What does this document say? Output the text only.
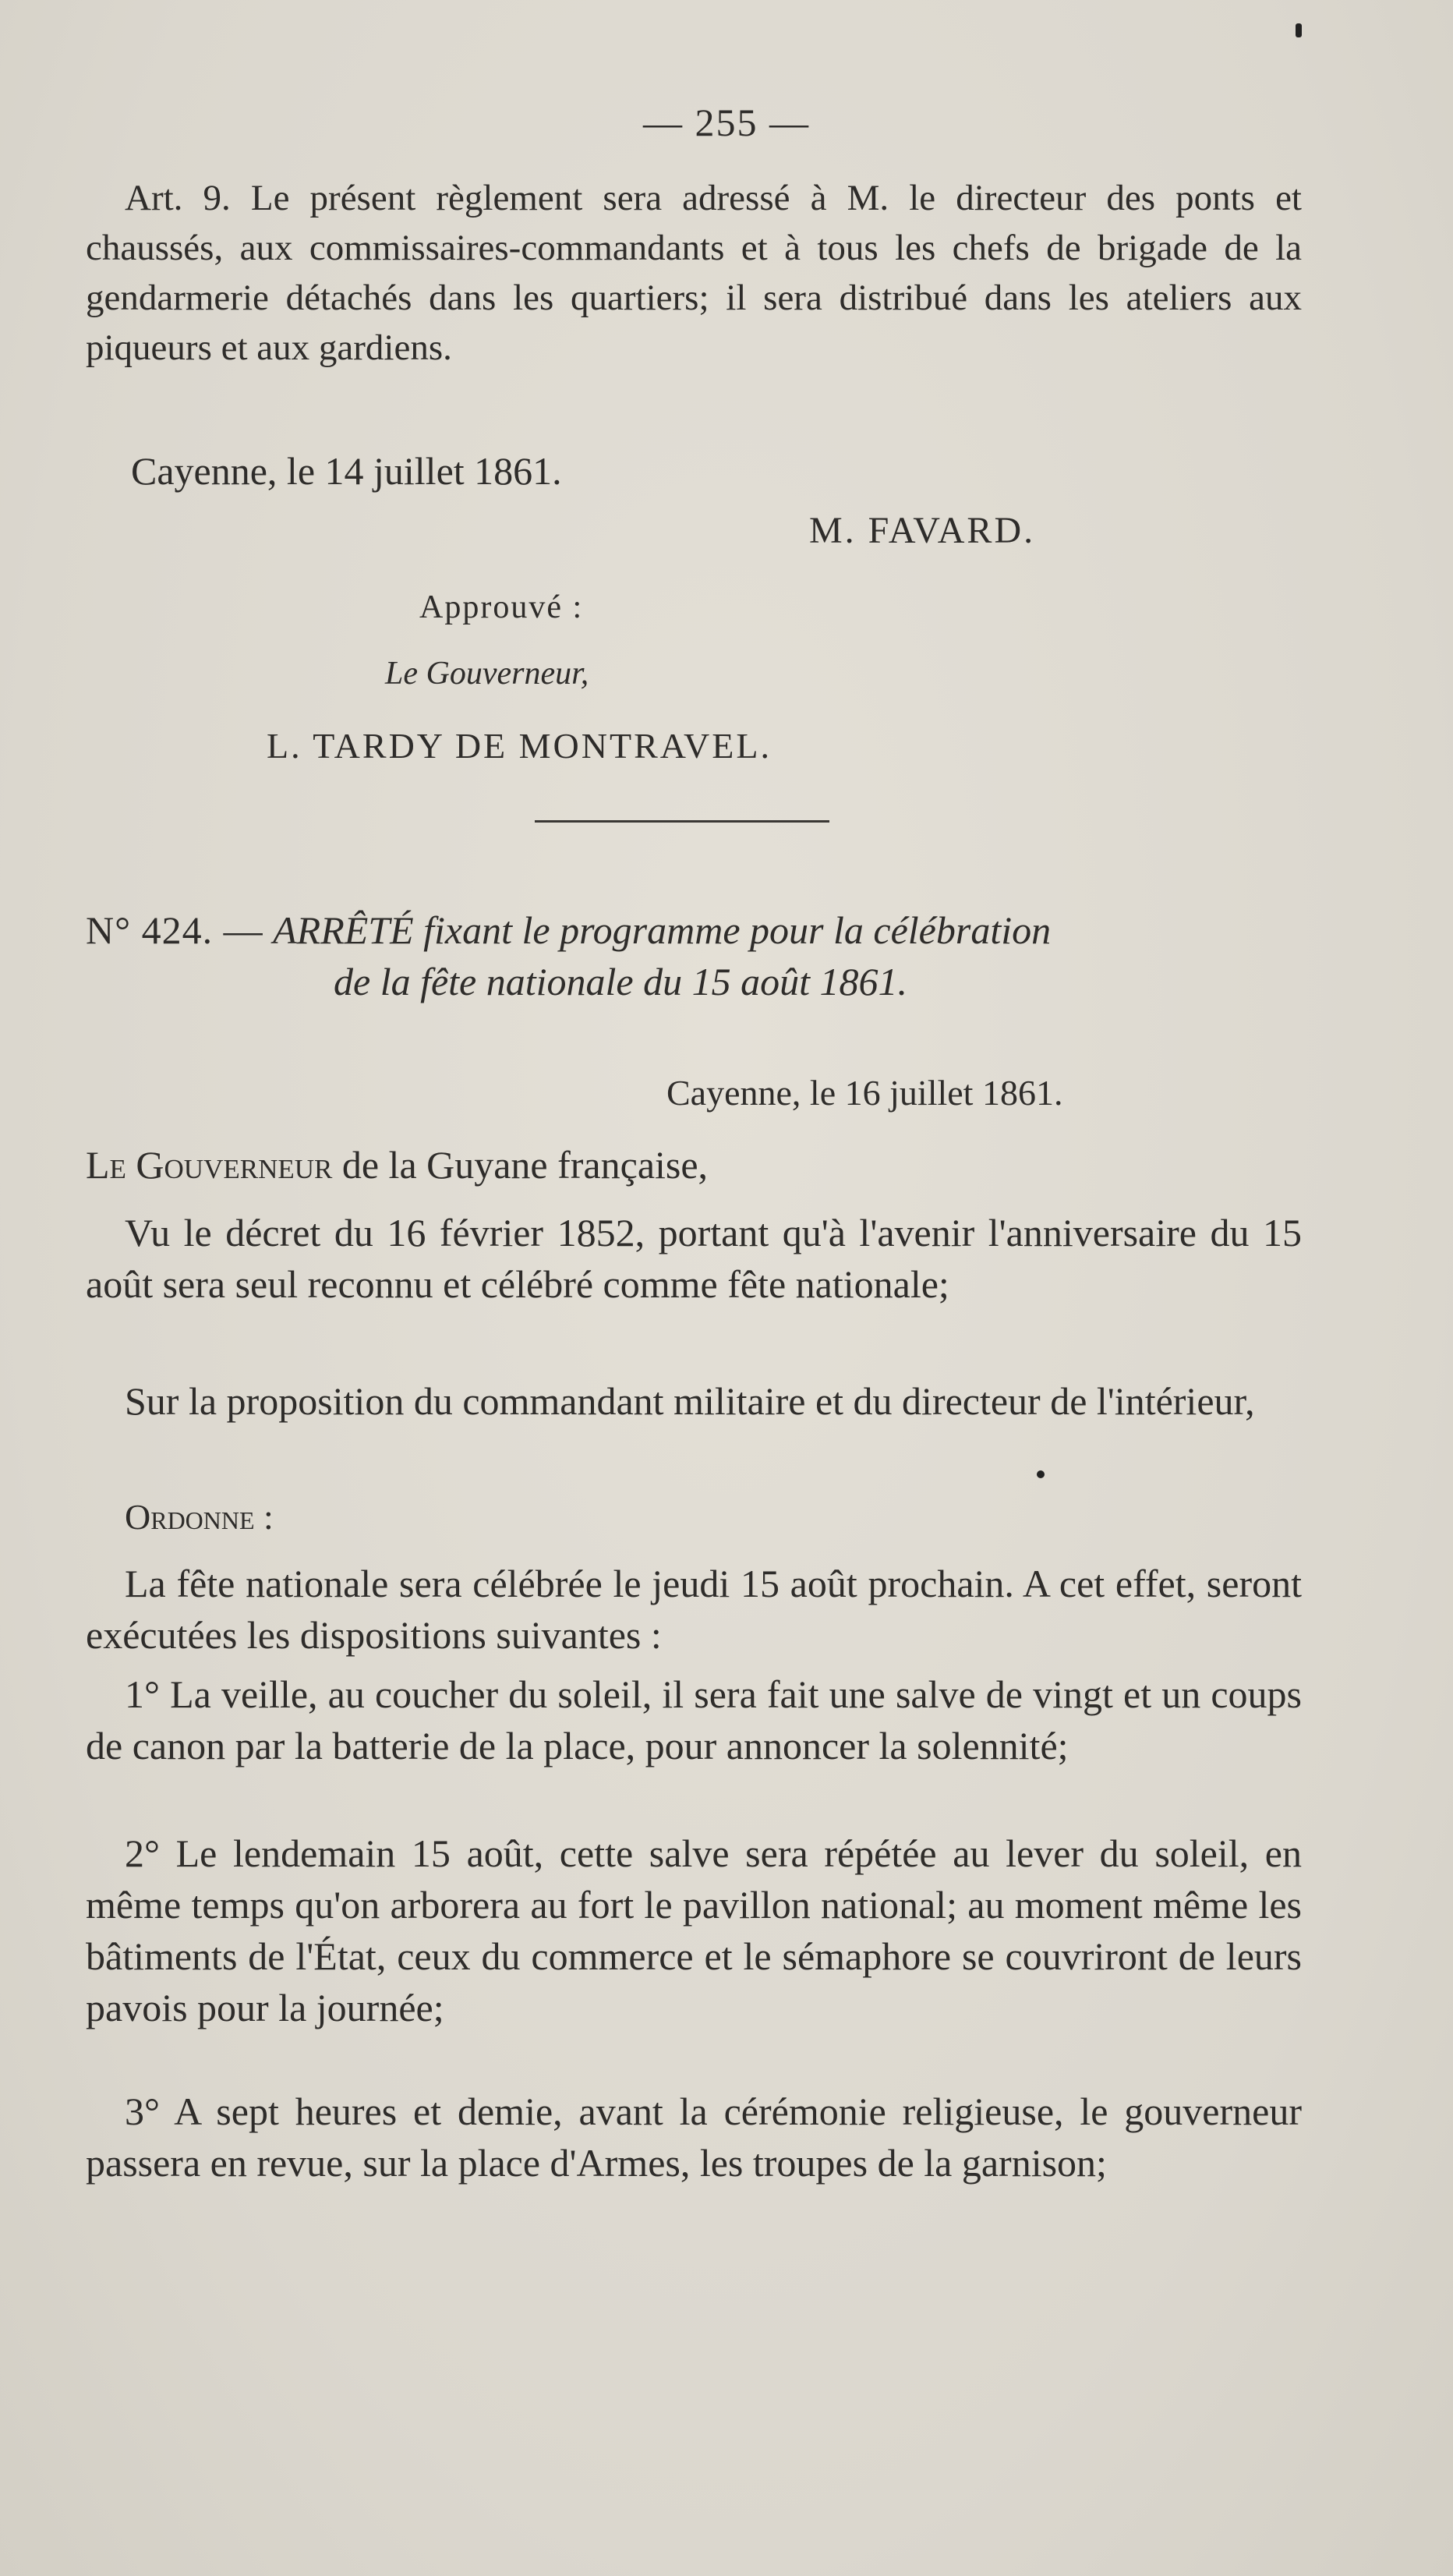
— 255 —

Art. 9. Le présent règlement sera adressé à M. le directeur des ponts et chaussés, aux commissaires-commandants et à tous les chefs de brigade de la gendarmerie détachés dans les quartiers; il sera distribué dans les ateliers aux piqueurs et aux gardiens.

Cayenne, le 14 juillet 1861.
M. FAVARD.
Approuvé :
Le Gouverneur,
L. TARDY DE MONTRAVEL.
N° 424. — ARRÊTÉ fixant le programme pour la célébration
de la fête nationale du 15 août 1861.
Cayenne, le 16 juillet 1861.

Le Gouverneur de la Guyane française,

Vu le décret du 16 février 1852, portant qu'à l'avenir l'anniversaire du 15 août sera seul reconnu et célébré comme fête nationale;

Sur la proposition du commandant militaire et du directeur de l'intérieur,

Ordonne :

La fête nationale sera célébrée le jeudi 15 août prochain. A cet effet, seront exécutées les dispositions suivantes :

1° La veille, au coucher du soleil, il sera fait une salve de vingt et un coups de canon par la batterie de la place, pour annoncer la solennité;

2° Le lendemain 15 août, cette salve sera répétée au lever du soleil, en même temps qu'on arborera au fort le pavillon national; au moment même les bâtiments de l'État, ceux du commerce et le sémaphore se couvriront de leurs pavois pour la journée;

3° A sept heures et demie, avant la cérémonie religieuse, le gouverneur passera en revue, sur la place d'Armes, les troupes de la garnison;
